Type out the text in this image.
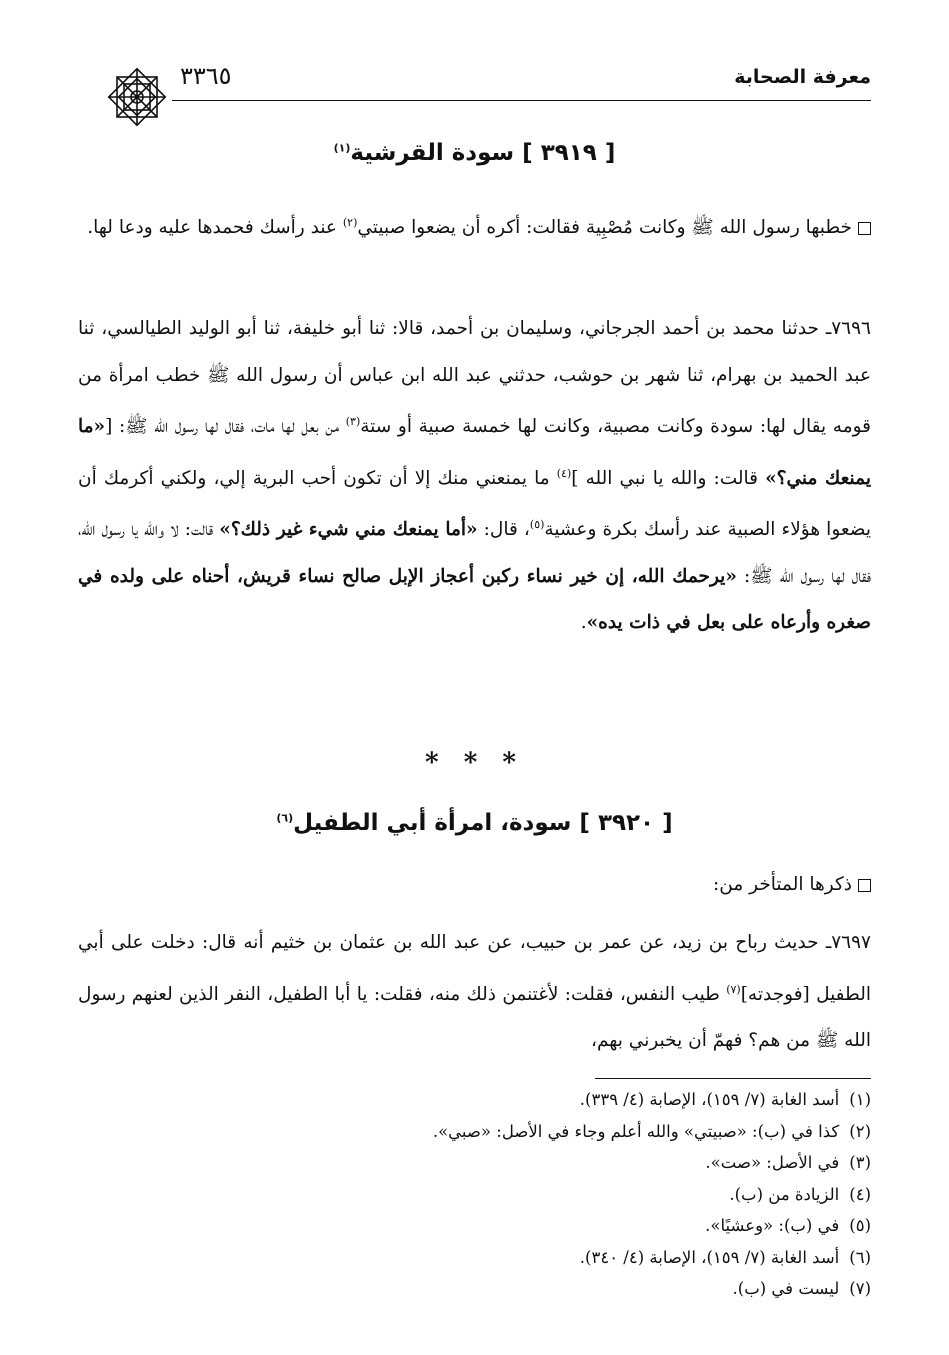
معرفة الصحابة
٣٣٦٥
[ ٣٩١٩ ] سودة القرشية$^{(١)}$

خطبها رسول الله ﷺ وكانت مُصْبِية فقالت: أكره أن يضعوا صبيتي$^{(٢)}$ عند رأسك فحمدها عليه ودعا لها.

٧٦٩٦ـ حدثنا محمد بن أحمد الجرجاني، وسليمان بن أحمد، قالا: ثنا أبو خليفة، ثنا أبو الوليد الطيالسي، ثنا عبد الحميد بن بهرام، ثنا شهر بن حوشب، حدثني عبد الله ابن عباس أن رسول الله ﷺ خطب امرأة من قومه يقال لها: سودة وكانت مصبية، وكانت لها خمسة صبية أو ستة$^{(٣)}$ من بعل لها مات، فقال لها رسول الله ﷺ: [«ما يمنعك مني؟» قالت: والله يا نبي الله ]$^{(٤)}$ ما يمنعني منك إلا أن تكون أحب البرية إلي، ولكني أكرمك أن يضعوا هؤلاء الصبية عند رأسك بكرة وعشية$^{(٥)}$، قال: «أما يمنعك مني شيء غير ذلك؟» قالت: لا والله يا رسول الله، فقال لها رسول الله ﷺ: «يرحمك الله، إن خير نساء ركبن أعجاز الإبل صالح نساء قريش، أحناه على ولده في صغره وأرعاه على بعل في ذات يده».

* * *
[ ٣٩٢٠ ] سودة، امرأة أبي الطفيل$^{(٦)}$

ذكرها المتأخر من:

٧٦٩٧ـ حديث رباح بن زيد، عن عمر بن حبيب، عن عبد الله بن عثمان بن خثيم أنه قال: دخلت على أبي الطفيل [فوجدته]$^{(٧)}$ طيب النفس، فقلت: لأغتنمن ذلك منه، فقلت: يا أبا الطفيل، النفر الذين لعنهم رسول الله ﷺ من هم؟ فهمّ أن يخبرني بهم،

(١)أسد الغابة (٧/ ١٥٩)، الإصابة (٤/ ٣٣٩).
(٢)كذا في (ب): «صبيتي» والله أعلم وجاء في الأصل: «صبي».
(٣)في الأصل: «صت».
(٤)الزيادة من (ب).
(٥)في (ب): «وعشيًا».
(٦)أسد الغابة (٧/ ١٥٩)، الإصابة (٤/ ٣٤٠).
(٧)ليست في (ب).
